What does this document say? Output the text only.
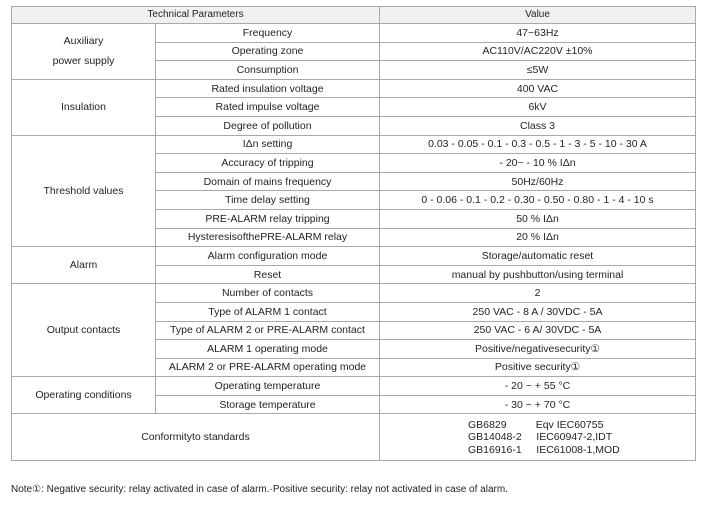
Technical Parameters		Value
Auxiliary
power supply	Frequency	47~63Hz
	Operating zone	AC110V/AC220V ±10%
	Consumption	≤5W
Insulation	Rated insulation voltage	400 VAC
	Rated impulse voltage	6kV
	Degree of pollution	Class 3
Threshold values	IΔn setting	0.03 - 0.05 - 0.1 - 0.3 - 0.5 - 1 - 3 - 5 - 10 - 30 A
	Accuracy of tripping	- 20~ - 10 % IΔn
	Domain of mains frequency	50Hz/60Hz
	Time delay setting	0 - 0.06 - 0.1 - 0.2 - 0.30 - 0.50 - 0.80 - 1 - 4 - 10 s
	PRE-ALARM relay tripping	50 % IΔn
	HysteresisofthePRE-ALARM relay	20 % IΔn
Alarm	Alarm configuration mode	Storage/automatic reset
	Reset	manual by pushbutton/using terminal
Output contacts	Number of contacts	2
	Type of ALARM 1 contact	250 VAC - 8 A / 30VDC - 5A
	Type of ALARM 2 or PRE-ALARM contact	250 VAC - 6 A/ 30VDC - 5A
	ALARM 1 operating mode	Positive/negativesecurity①
	ALARM 2 or PRE-ALARM operating mode	Positive security①
Operating conditions	Operating temperature	- 20 ~ + 55 °C
	Storage temperature	- 30 ~ + 70 °C
Conformityto standards		GB6829          Eqv IEC60755
GB14048-2     IEC60947-2,IDT
GB16916-1     IEC61008-1,MOD
Note①: Negative security: relay activated in case of alarm.·Positive security: relay not activated in case of alarm.
